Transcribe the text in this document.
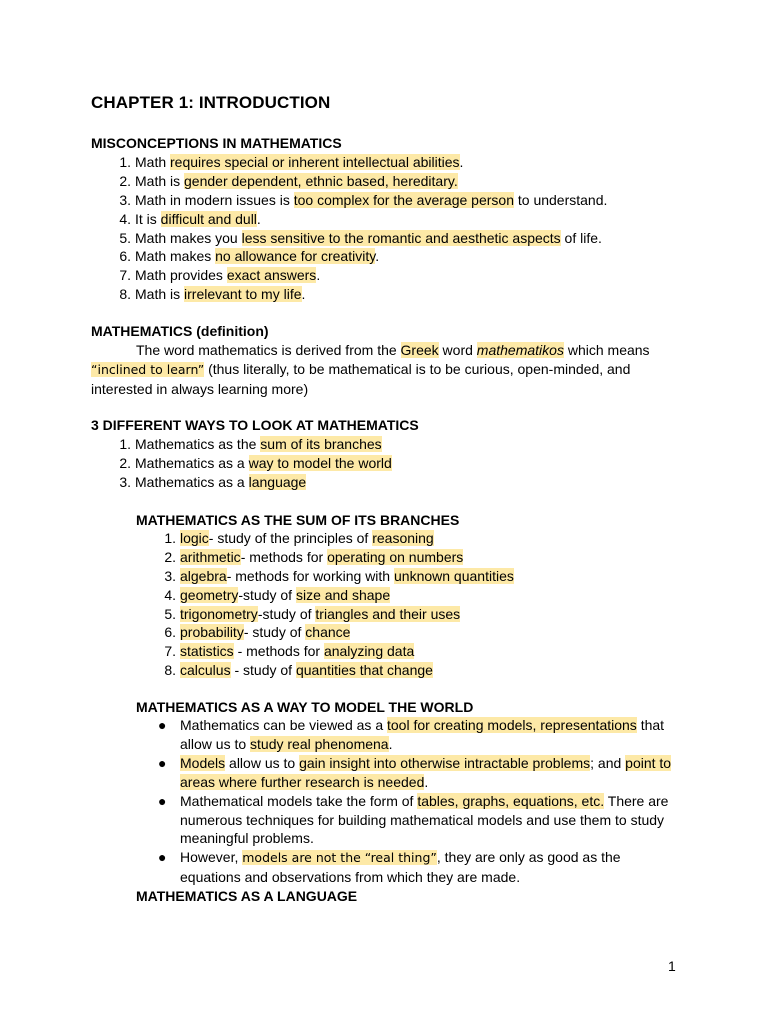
CHAPTER 1: INTRODUCTION
MISCONCEPTIONS IN MATHEMATICS
1. Math requires special or inherent intellectual abilities.
2. Math is gender dependent, ethnic based, hereditary.
3. Math in modern issues is too complex for the average person to understand.
4. It is difficult and dull.
5. Math makes you less sensitive to the romantic and aesthetic aspects of life.
6. Math makes no allowance for creativity.
7. Math provides exact answers.
8. Math is irrelevant to my life.
MATHEMATICS (definition)
The word mathematics is derived from the Greek word mathematikos which means
“inclined to learn” (thus literally, to be mathematical is to be curious, open-minded, and
interested in always learning more)
3 DIFFERENT WAYS TO LOOK AT MATHEMATICS
1. Mathematics as the sum of its branches
2. Mathematics as a way to model the world
3. Mathematics as a language
MATHEMATICS AS THE SUM OF ITS BRANCHES
1. logic- study of the principles of reasoning
2. arithmetic- methods for operating on numbers
3. algebra- methods for working with unknown quantities
4. geometry-study of size and shape
5. trigonometry-study of triangles and their uses
6. probability- study of chance
7. statistics - methods for analyzing data
8. calculus - study of quantities that change
MATHEMATICS AS A WAY TO MODEL THE WORLD
● Mathematics can be viewed as a tool for creating models, representations that allow us to study real phenomena.
● Models allow us to gain insight into otherwise intractable problems; and point to areas where further research is needed.
● Mathematical models take the form of tables, graphs, equations, etc. There are numerous techniques for building mathematical models and use them to study meaningful problems.
● However, models are not the “real thing”, they are only as good as the equations and observations from which they are made.
MATHEMATICS AS A LANGUAGE
1
